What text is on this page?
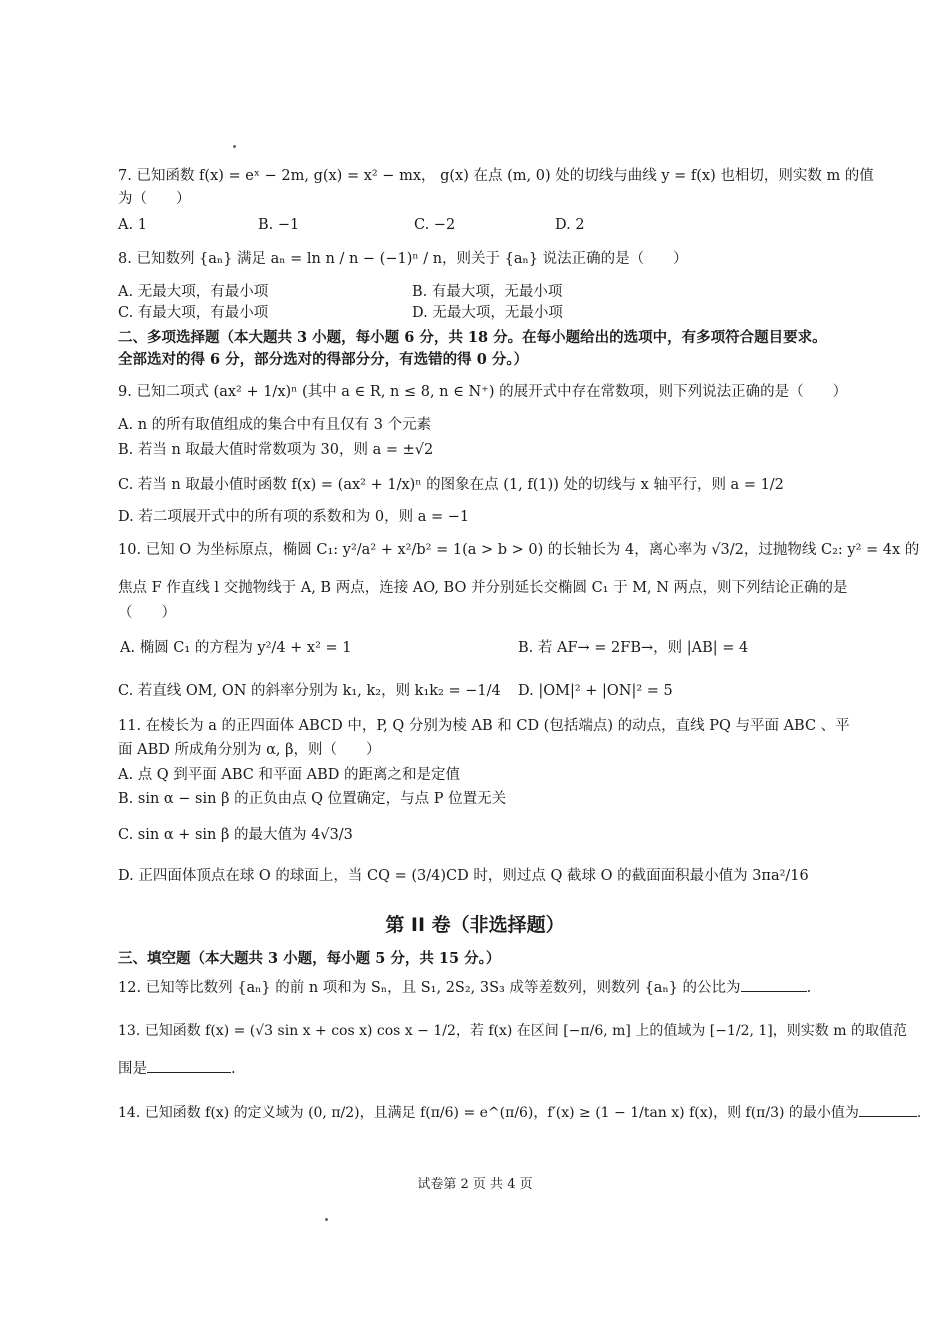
7. 已知函数 f(x) = eˣ − 2m, g(x) = x² − mx， g(x) 在点 (m, 0) 处的切线与曲线 y = f(x) 也相切，则实数 m 的值
为（　　）
A. 1	B. −1	C. −2	D. 2
8. 已知数列 {aₙ} 满足 aₙ = ln n / n − (−1)ⁿ / n，则关于 {aₙ} 说法正确的是（　　）
A. 无最大项，有最小项	B. 有最大项，无最小项
C. 有最大项，有最小项	D. 无最大项，无最小项
二、多项选择题（本大题共 3 小题，每小题 6 分，共 18 分。在每小题给出的选项中，有多项符合题目要求。
全部选对的得 6 分，部分选对的得部分分，有选错的得 0 分。）
9. 已知二项式 (ax² + 1/x)ⁿ (其中 a ∈ R, n ≤ 8, n ∈ N⁺) 的展开式中存在常数项，则下列说法正确的是（　　）
A. n 的所有取值组成的集合中有且仅有 3 个元素
B. 若当 n 取最大值时常数项为 30，则 a = ±√2
C. 若当 n 取最小值时函数 f(x) = (ax² + 1/x)ⁿ 的图象在点 (1, f(1)) 处的切线与 x 轴平行，则 a = 1/2
D. 若二项展开式中的所有项的系数和为 0，则 a = −1
10. 已知 O 为坐标原点，椭圆 C₁: y²/a² + x²/b² = 1(a > b > 0) 的长轴长为 4，离心率为 √3/2，过抛物线 C₂: y² = 4x 的
焦点 F 作直线 l 交抛物线于 A, B 两点，连接 AO, BO 并分别延长交椭圆 C₁ 于 M, N 两点，则下列结论正确的是
（　　）
A. 椭圆 C₁ 的方程为 y²/4 + x² = 1	B. 若 AF→ = 2FB→，则 |AB| = 4
C. 若直线 OM, ON 的斜率分别为 k₁, k₂，则 k₁k₂ = −1/4 D. |OM|² + |ON|² = 5
11. 在棱长为 a 的正四面体 ABCD 中，P, Q 分别为棱 AB 和 CD (包括端点) 的动点，直线 PQ 与平面 ABC 、平
面 ABD 所成角分别为 α, β，则（　　）
A. 点 Q 到平面 ABC 和平面 ABD 的距离之和是定值
B. sin α − sin β 的正负由点 Q 位置确定，与点 P 位置无关
C. sin α + sin β 的最大值为 4√3/3
D. 正四面体顶点在球 O 的球面上，当 CQ = (3/4)CD 时，则过点 Q 截球 O 的截面面积最小值为 3πa²/16
第 II 卷（非选择题）
三、填空题（本大题共 3 小题，每小题 5 分，共 15 分。）
12. 已知等比数列 {aₙ} 的前 n 项和为 Sₙ，且 S₁, 2S₂, 3S₃ 成等差数列，则数列 {aₙ} 的公比为	.
13. 已知函数 f(x) = (√3 sin x + cos x) cos x − 1/2，若 f(x) 在区间 [−π/6, m] 上的值域为 [−1/2, 1]，则实数 m 的取值范
围是	.
14. 已知函数 f(x) 的定义域为 (0, π/2)，且满足 f(π/6) = e^(π/6)，f′(x) ≥ (1 − 1/tan x) f(x)，则 f(π/3) 的最小值为	.
试卷第 2 页 共 4 页
